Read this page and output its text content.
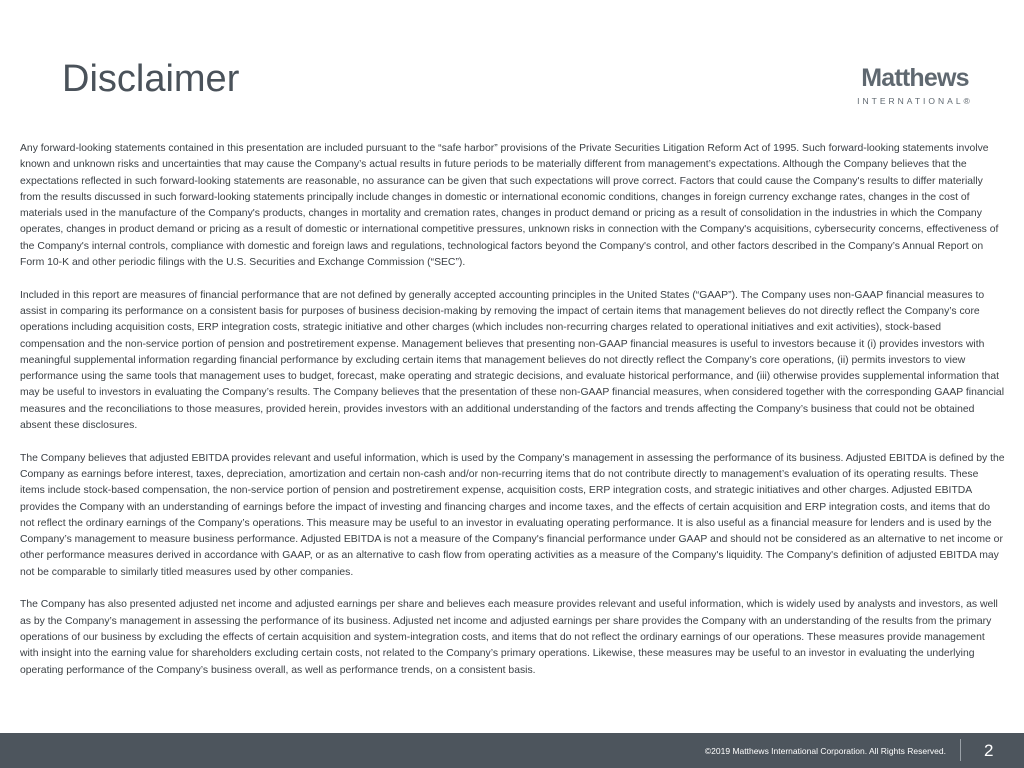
Disclaimer	Matthews
INTERNATIONAL®

Any forward-looking statements contained in this presentation are included pursuant to the “safe harbor” provisions of the Private Securities Litigation Reform Act of 1995. Such forward-looking statements involve known and unknown risks and uncertainties that may cause the Company’s actual results in future periods to be materially different from management’s expectations. Although the Company believes that the expectations reflected in such forward-looking statements are reasonable, no assurance can be given that such expectations will prove correct. Factors that could cause the Company's results to differ materially from the results discussed in such forward-looking statements principally include changes in domestic or international economic conditions, changes in foreign currency exchange rates, changes in the cost of materials used in the manufacture of the Company's products, changes in mortality and cremation rates, changes in product demand or pricing as a result of consolidation in the industries in which the Company operates, changes in product demand or pricing as a result of domestic or international competitive pressures, unknown risks in connection with the Company's acquisitions, cybersecurity concerns, effectiveness of the Company's internal controls, compliance with domestic and foreign laws and regulations, technological factors beyond the Company's control, and other factors described in the Company’s Annual Report on Form 10-K and other periodic filings with the U.S. Securities and Exchange Commission (“SEC”).

Included in this report are measures of financial performance that are not defined by generally accepted accounting principles in the United States (“GAAP”). The Company uses non-GAAP financial measures to assist in comparing its performance on a consistent basis for purposes of business decision-making by removing the impact of certain items that management believes do not directly reflect the Company’s core operations including acquisition costs, ERP integration costs, strategic initiative and other charges (which includes non-recurring charges related to operational initiatives and exit activities), stock-based compensation and the non-service portion of pension and postretirement expense. Management believes that presenting non-GAAP financial measures is useful to investors because it (i) provides investors with meaningful supplemental information regarding financial performance by excluding certain items that management believes do not directly reflect the Company’s core operations, (ii) permits investors to view performance using the same tools that management uses to budget, forecast, make operating and strategic decisions, and evaluate historical performance, and (iii) otherwise provides supplemental information that may be useful to investors in evaluating the Company’s results. The Company believes that the presentation of these non-GAAP financial measures, when considered together with the corresponding GAAP financial measures and the reconciliations to those measures, provided herein, provides investors with an additional understanding of the factors and trends affecting the Company’s business that could not be obtained absent these disclosures.

The Company believes that adjusted EBITDA provides relevant and useful information, which is used by the Company’s management in assessing the performance of its business. Adjusted EBITDA is defined by the Company as earnings before interest, taxes, depreciation, amortization and certain non-cash and/or non-recurring items that do not contribute directly to management’s evaluation of its operating results. These items include stock-based compensation, the non-service portion of pension and postretirement expense, acquisition costs, ERP integration costs, and strategic initiatives and other charges. Adjusted EBITDA provides the Company with an understanding of earnings before the impact of investing and financing charges and income taxes, and the effects of certain acquisition and ERP integration costs, and items that do not reflect the ordinary earnings of the Company’s operations. This measure may be useful to an investor in evaluating operating performance. It is also useful as a financial measure for lenders and is used by the Company’s management to measure business performance. Adjusted EBITDA is not a measure of the Company's financial performance under GAAP and should not be considered as an alternative to net income or other performance measures derived in accordance with GAAP, or as an alternative to cash flow from operating activities as a measure of the Company's liquidity. The Company's definition of adjusted EBITDA may not be comparable to similarly titled measures used by other companies.

The Company has also presented adjusted net income and adjusted earnings per share and believes each measure provides relevant and useful information, which is widely used by analysts and investors, as well as by the Company’s management in assessing the performance of its business. Adjusted net income and adjusted earnings per share provides the Company with an understanding of the results from the primary operations of our business by excluding the effects of certain acquisition and system-integration costs, and items that do not reflect the ordinary earnings of our operations. These measures provide management with insight into the earning value for shareholders excluding certain costs, not related to the Company’s primary operations. Likewise, these measures may be useful to an investor in evaluating the underlying operating performance of the Company’s business overall, as well as performance trends, on a consistent basis.

©2019 Matthews International Corporation. All Rights Reserved. 2
